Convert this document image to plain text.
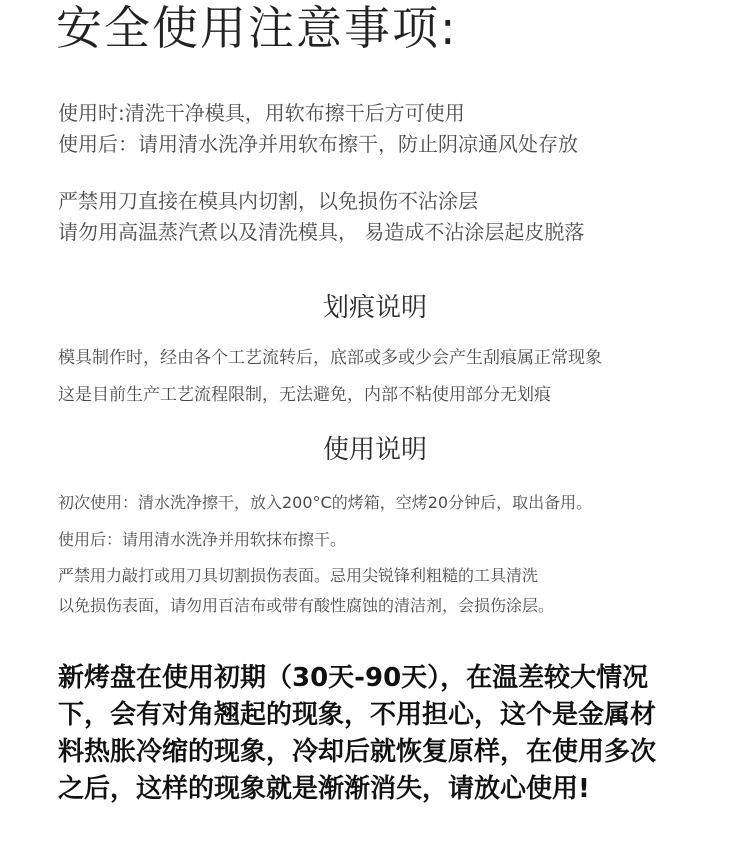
安全使用注意事项:
使用时:清洗干净模具，用软布擦干后方可使用
使用后：请用清水洗净并用软布擦干，防止阴凉通风处存放
严禁用刀直接在模具内切割，以免损伤不沾涂层
请勿用高温蒸汽煮以及清洗模具， 易造成不沾涂层起皮脱落
划痕说明
模具制作时，经由各个工艺流转后，底部或多或少会产生刮痕属正常现象
这是目前生产工艺流程限制，无法避免，内部不粘使用部分无划痕
使用说明
初次使用：清水洗净擦干，放入200°C的烤箱，空烤20分钟后，取出备用。
使用后：请用清水洗净并用软抹布擦干。
严禁用力敲打或用刀具切割损伤表面。忌用尖锐锋利粗糙的工具清洗
以免损伤表面，请勿用百洁布或带有酸性腐蚀的清洁剂，会损伤涂层。
新烤盘在使用初期（30天-90天），在温差较大情况
下，会有对角翘起的现象，不用担心，这个是金属材
料热胀冷缩的现象，冷却后就恢复原样，在使用多次
之后，这样的现象就是渐渐消失，请放心使用!
